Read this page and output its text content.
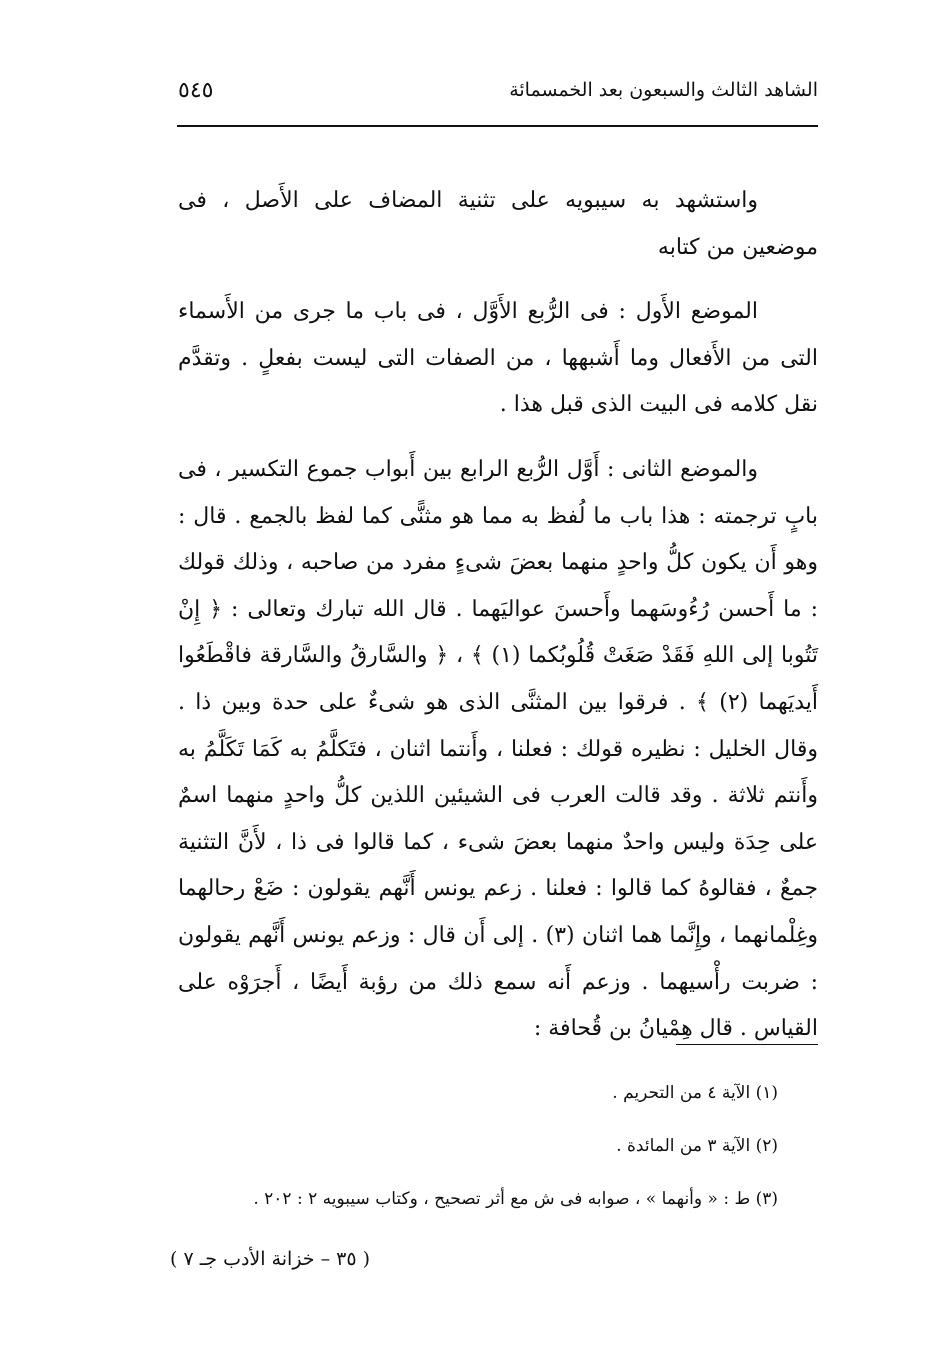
الشاهد الثالث والسبعون بعد الخمسمائة
٥٤٥

واستشهد به سيبويه على تثنية المضاف على الأَصل ، فى موضعين من كتابه

الموضع الأَول : فى الرُّبع الأَوَّل ، فى باب ما جرى من الأَسماء التى من الأَفعال وما أَشبهها ، من الصفات التى ليست بفعلٍ . وتقدَّم نقل كلامه فى البيت الذى قبل هذا .

والموضع الثانى : أَوَّل الرُّبع الرابع بين أَبواب جموع التكسير ، فى بابٍ ترجمته : هذا باب ما لُفظ به مما هو مثنًّى كما لفظ بالجمع . قال : وهو أَن يكون كلُّ واحدٍ منهما بعضَ شىءٍ مفرد من صاحبه ، وذلك قولك : ما أَحسن رُءُوسَهما وأَحسنَ عواليَهما . قال الله تبارك وتعالى : ﴿ إِنْ تَتُوبا إلى اللهِ فَقَدْ صَغَتْ قُلُوبُكما (١) ﴾ ، ﴿ والسَّارقُ والسَّارقة فاقْطَعُوا أَيديَهما (٢) ﴾ . فرقوا بين المثنَّى الذى هو شىءٌ على حدة وبين ذا . وقال الخليل : نظيره قولك : فعلنا ، وأَنتما اثنان ، فتَكلَّمُ به كَمَا تَكَلَّمُ به وأَنتم ثلاثة . وقد قالت العرب فى الشيئين اللذين كلُّ واحدٍ منهما اسمٌ على حِدَة وليس واحدٌ منهما بعضَ شىء ، كما قالوا فى ذا ، لأَنَّ التثنية جمعٌ ، فقالوهُ كما قالوا : فعلنا . زعم يونس أَنَّهم يقولون : ضَعْ رحالهما وغِلْمانهما ، وإِنَّما هما اثنان (٣) . إلى أَن قال : وزعم يونس أَنَّهم يقولون : ضربت رأْسيهما . وزعم أَنه سمع ذلك من رؤبة أَيضًا ، أَجرَوْه على القياس . قال هِمْيانُ بن قُحافة :

(١) الآية ٤ من التحريم .
(٢) الآية ٣ من المائدة .
(٣) ط : « وأنهما » ، صوابه فى ش مع أثر تصحيح ، وكتاب سيبويه ٢ : ٢٠٢ .
( ٣٥ – خزانة الأدب جـ ٧ )
